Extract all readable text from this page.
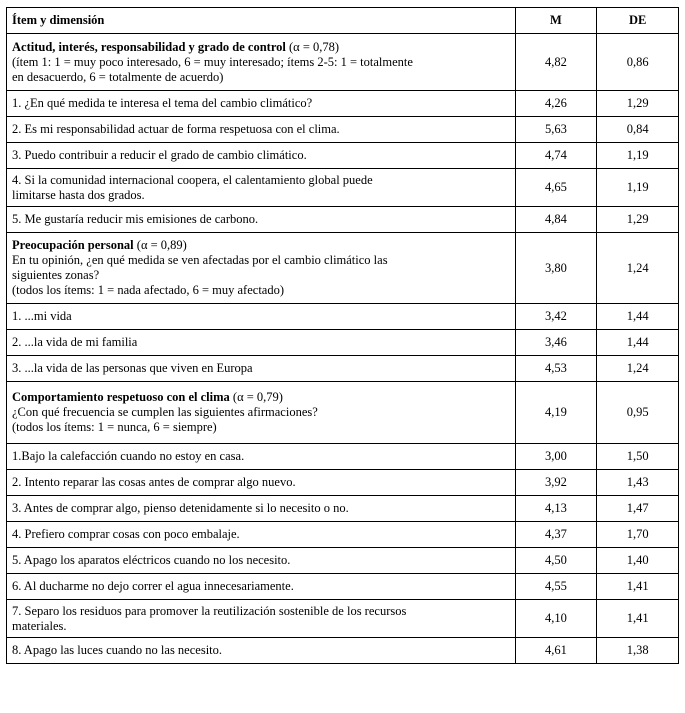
Ítem y dimensión	M	DE
Actitud, interés, responsabilidad y grado de control (α = 0,78)
(ítem 1: 1 = muy poco interesado, 6 = muy interesado; ítems 2-5: 1 = totalmente
en desacuerdo, 6 = totalmente de acuerdo)	4,82	0,86
1. ¿En qué medida te interesa el tema del cambio climático?	4,26	1,29
2. Es mi responsabilidad actuar de forma respetuosa con el clima.	5,63	0,84
3. Puedo contribuir a reducir el grado de cambio climático.	4,74	1,19
4. Si la comunidad internacional coopera, el calentamiento global puede
limitarse hasta dos grados.	4,65	1,19
5. Me gustaría reducir mis emisiones de carbono.	4,84	1,29
Preocupación personal (α = 0,89)
En tu opinión, ¿en qué medida se ven afectadas por el cambio climático las
siguientes zonas?
(todos los ítems: 1 = nada afectado, 6 = muy afectado)	3,80	1,24
1. ...mi vida	3,42	1,44
2. ...la vida de mi familia	3,46	1,44
3. ...la vida de las personas que viven en Europa	4,53	1,24
Comportamiento respetuoso con el clima (α = 0,79)
¿Con qué frecuencia se cumplen las siguientes afirmaciones?
(todos los ítems: 1 = nunca, 6 = siempre)	4,19	0,95
1.Bajo la calefacción cuando no estoy en casa.	3,00	1,50
2. Intento reparar las cosas antes de comprar algo nuevo.	3,92	1,43
3. Antes de comprar algo, pienso detenidamente si lo necesito o no.	4,13	1,47
4. Prefiero comprar cosas con poco embalaje.	4,37	1,70
5. Apago los aparatos eléctricos cuando no los necesito.	4,50	1,40
6. Al ducharme no dejo correr el agua innecesariamente.	4,55	1,41
7. Separo los residuos para promover la reutilización sostenible de los recursos
materiales.	4,10	1,41
8. Apago las luces cuando no las necesito.	4,61	1,38
